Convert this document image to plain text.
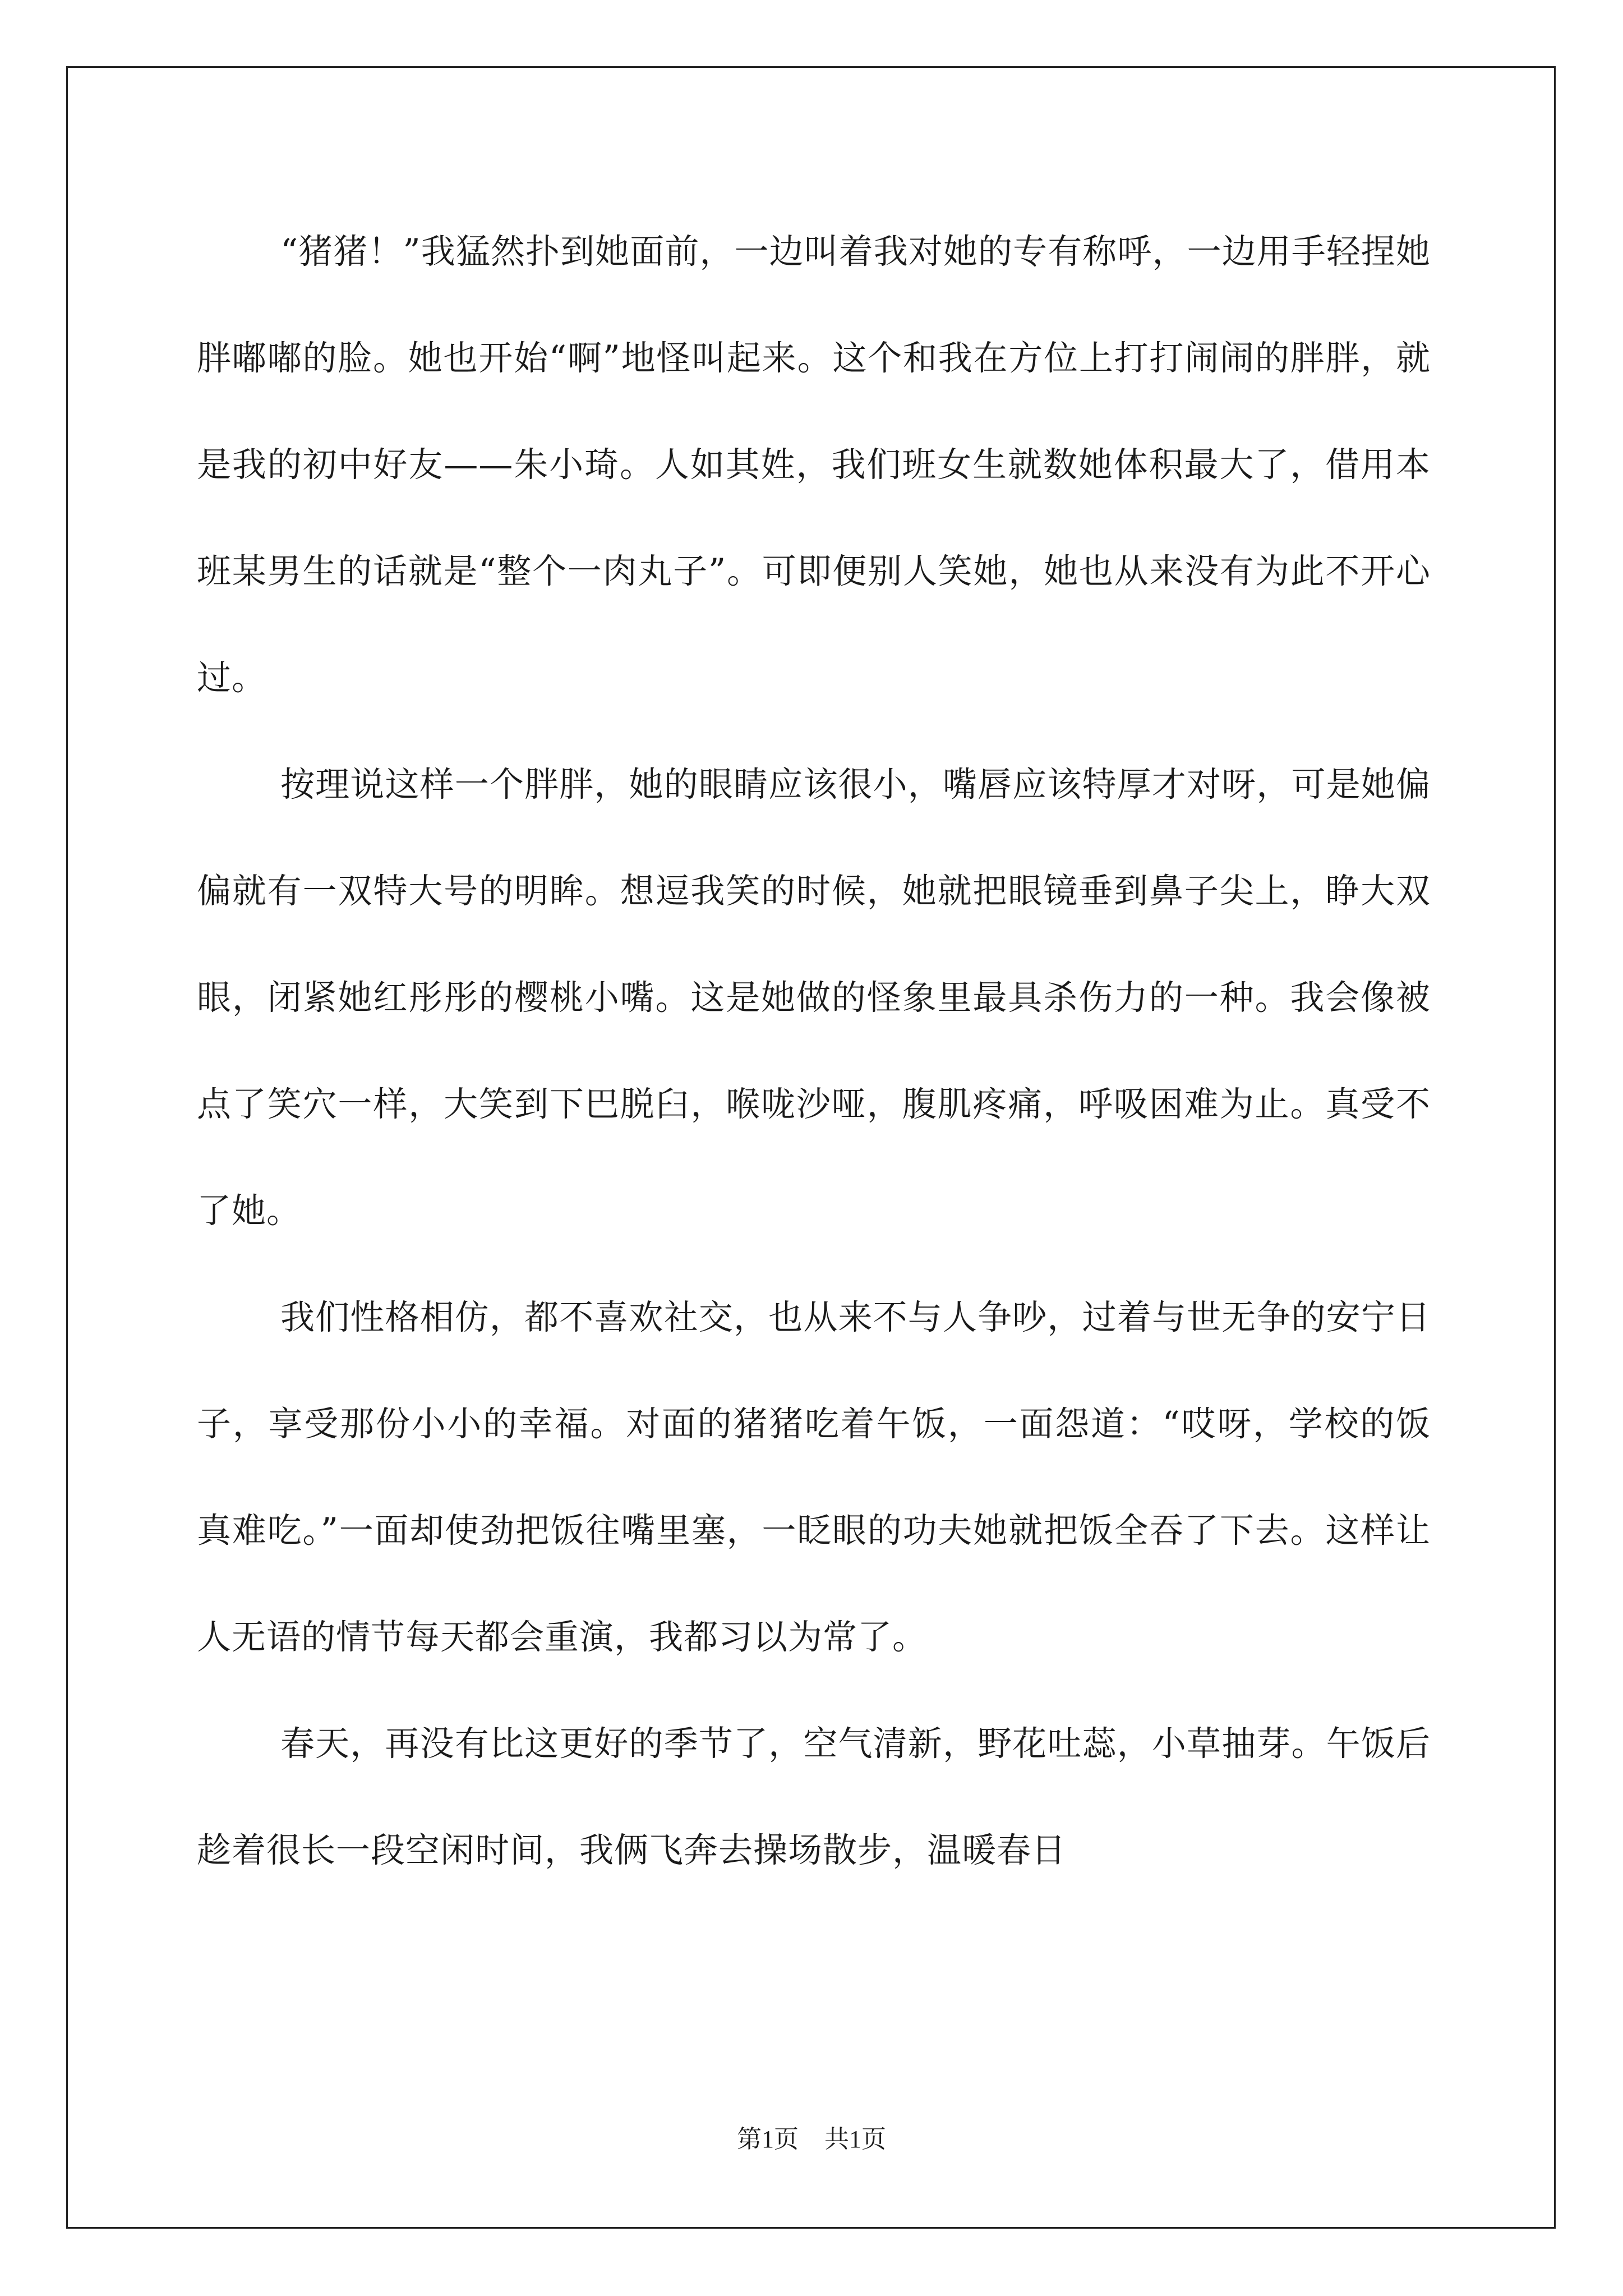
“猪猪！”我猛然扑到她面前，一边叫着我对她的专有称呼，一边用手轻捏她胖嘟嘟的脸。她也开始“啊”地怪叫起来。这个和我在方位上打打闹闹的胖胖，就是我的初中好友——朱小琦。人如其姓，我们班女生就数她体积最大了，借用本班某男生的话就是“整个一肉丸子”。可即便别人笑她，她也从来没有为此不开心过。

按理说这样一个胖胖，她的眼睛应该很小，嘴唇应该特厚才对呀，可是她偏偏就有一双特大号的明眸。想逗我笑的时候，她就把眼镜垂到鼻子尖上，睁大双眼，闭紧她红彤彤的樱桃小嘴。这是她做的怪象里最具杀伤力的一种。我会像被点了笑穴一样，大笑到下巴脱臼，喉咙沙哑，腹肌疼痛，呼吸困难为止。真受不了她。

我们性格相仿，都不喜欢社交，也从来不与人争吵，过着与世无争的安宁日子，享受那份小小的幸福。对面的猪猪吃着午饭，一面怨道：“哎呀，学校的饭真难吃。”一面却使劲把饭往嘴里塞，一眨眼的功夫她就把饭全吞了下去。这样让人无语的情节每天都会重演，我都习以为常了。

春天，再没有比这更好的季节了，空气清新，野花吐蕊，小草抽芽。午饭后趁着很长一段空闲时间，我俩飞奔去操场散步，温暖春日

第1页 共1页
